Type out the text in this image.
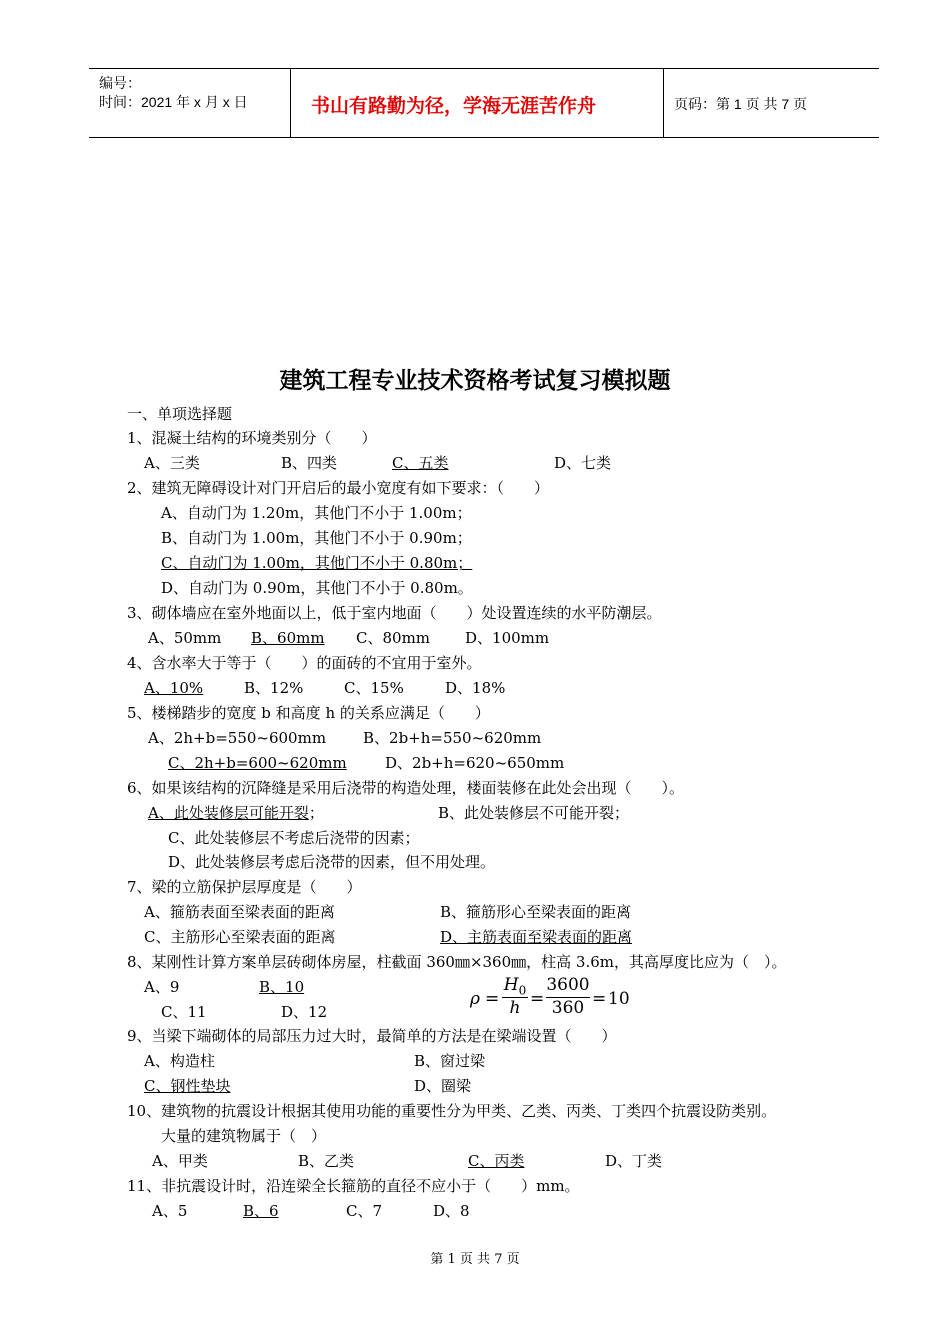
编号：
时间：2021 年 x 月 x 日	书山有路勤为径，学海无涯苦作舟	页码：第 1 页 共 7 页
建筑工程专业技术资格考试复习模拟题
一、单项选择题
1、混凝土结构的环境类别分（　　）
A、三类	B、四类	C、五类	D、七类
2、建筑无障碍设计对门开启后的最小宽度有如下要求：（　　）
A、自动门为 1.20m，其他门不小于 1.00m；
B、自动门为 1.00m，其他门不小于 0.90m；
C、自动门为 1.00m，其他门不小于 0.80m；
D、自动门为 0.90m，其他门不小于 0.80m。
3、砌体墙应在室外地面以上，低于室内地面（　　）处设置连续的水平防潮层。
A、50mm B、60mm C、80mm D、100mm
4、含水率大于等于（　　）的面砖的不宜用于室外。
A、10%	B、12%	C、15%	D、18%
5、楼梯踏步的宽度 b 和高度 h 的关系应满足（　　）
A、2h+b=550~600mm B、2b+h=550~620mm
C、2h+b=600~620mm	D、2b+h=620~650mm
6、如果该结构的沉降缝是采用后浇带的构造处理，楼面装修在此处会出现（　　）。
A、此处装修层可能开裂；	B、此处装修层不可能开裂；
C、此处装修层不考虑后浇带的因素；
D、此处装修层考虑后浇带的因素，但不用处理。
7、梁的立筋保护层厚度是（　　）
A、箍筋表面至梁表面的距离	B、箍筋形心至梁表面的距离
C、主筋形心至梁表面的距离	D、主筋表面至梁表面的距离
8、某刚性计算方案单层砖砌体房屋，柱截面 360㎜×360㎜，柱高 3.6m，其高厚度比应为（　）。
A、9	B、10
C、11	D、12
ρ =
$H_0$
h =
3600
360 = 10
9、当梁下端砌体的局部压力过大时，最简单的方法是在梁端设置（　　）
A、构造柱	B、窗过梁
C、钢性垫块	D、圈梁
10、建筑物的抗震设计根据其使用功能的重要性分为甲类、乙类、丙类、丁类四个抗震设防类别。
大量的建筑物属于（　）
A、甲类	B、乙类	C、丙类	D、丁类
11、非抗震设计时，沿连梁全长箍筋的直径不应小于（　　）mm。
A、5	B、6	C、7	D、8
第 1 页 共 7 页
